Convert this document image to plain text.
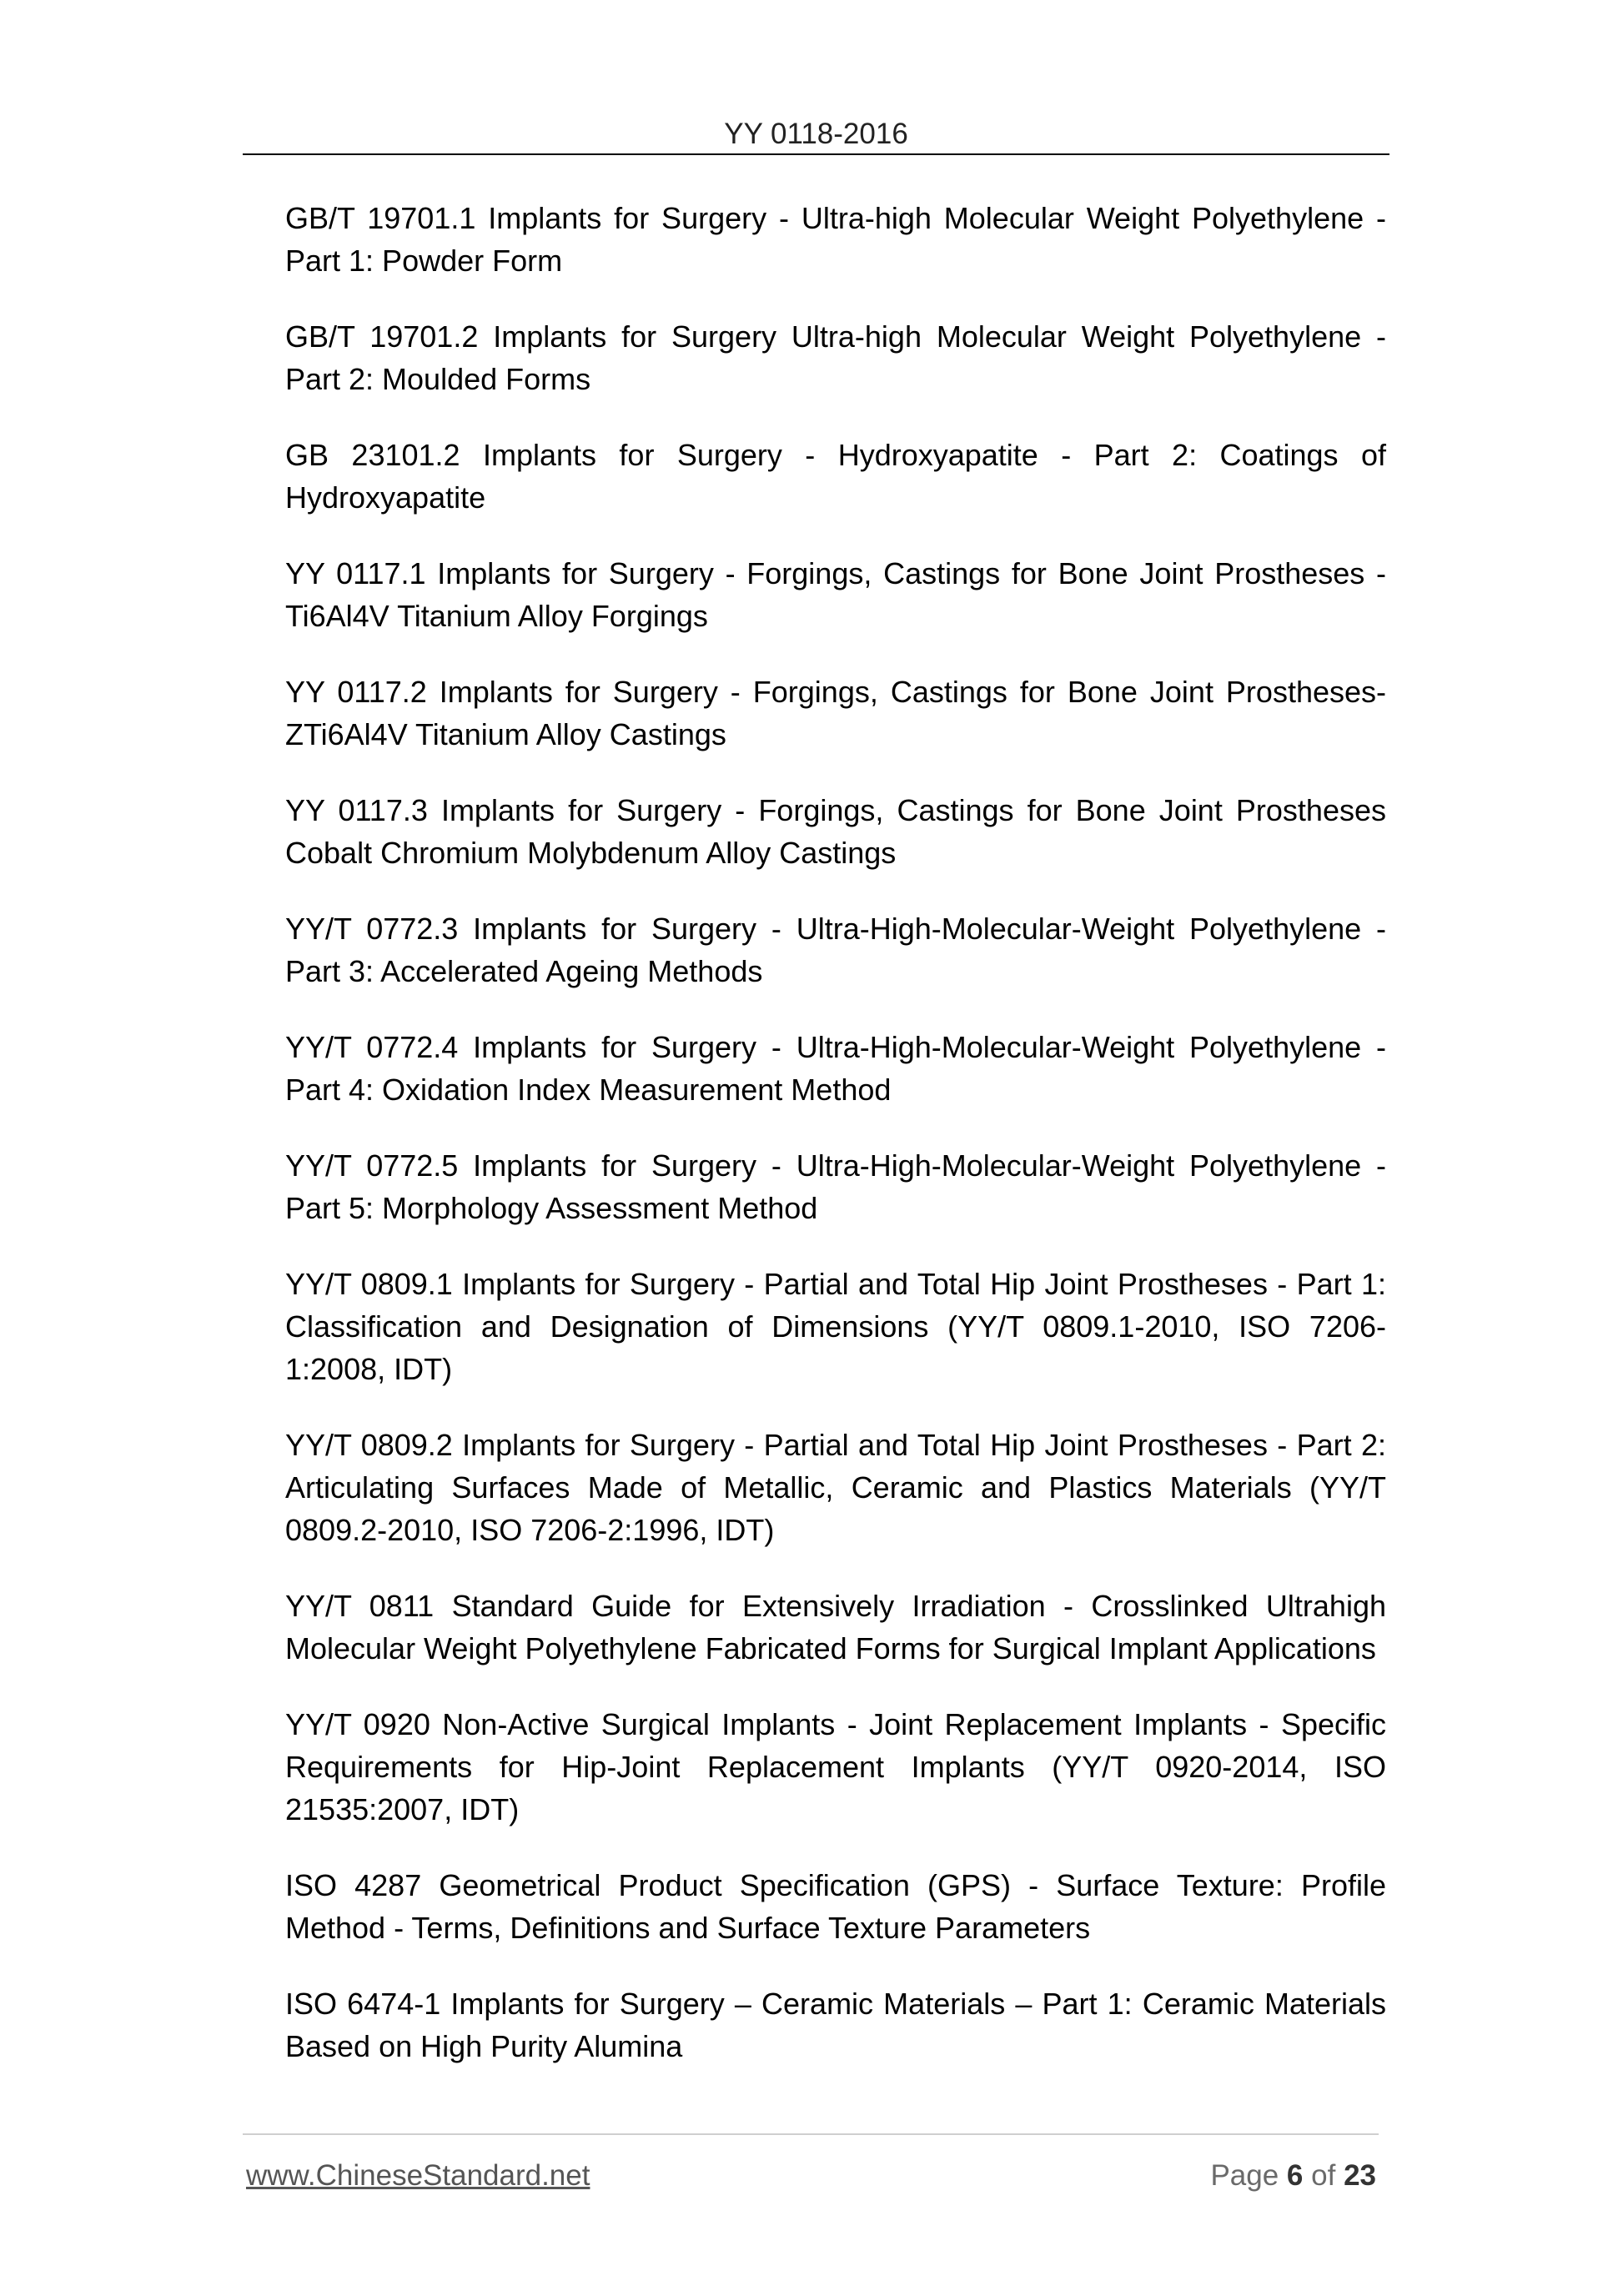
YY 0118-2016

GB/T 19701.1 Implants for Surgery - Ultra-high Molecular Weight Polyethylene - Part 1: Powder Form

GB/T 19701.2 Implants for Surgery Ultra-high Molecular Weight Polyethylene - Part 2: Moulded Forms

GB 23101.2 Implants for Surgery - Hydroxyapatite - Part 2: Coatings of Hydroxyapatite

YY 0117.1 Implants for Surgery - Forgings, Castings for Bone Joint Prostheses - Ti6Al4V Titanium Alloy Forgings

YY 0117.2 Implants for Surgery - Forgings, Castings for Bone Joint Prostheses-ZTi6Al4V Titanium Alloy Castings

YY 0117.3 Implants for Surgery - Forgings, Castings for Bone Joint Prostheses Cobalt Chromium Molybdenum Alloy Castings

YY/T 0772.3 Implants for Surgery - Ultra-High-Molecular-Weight Polyethylene - Part 3: Accelerated Ageing Methods

YY/T 0772.4 Implants for Surgery - Ultra-High-Molecular-Weight Polyethylene - Part 4: Oxidation Index Measurement Method

YY/T 0772.5 Implants for Surgery - Ultra-High-Molecular-Weight Polyethylene - Part 5: Morphology Assessment Method

YY/T 0809.1 Implants for Surgery - Partial and Total Hip Joint Prostheses - Part 1: Classification and Designation of Dimensions (YY/T 0809.1-2010, ISO 7206-1:2008, IDT)

YY/T 0809.2 Implants for Surgery - Partial and Total Hip Joint Prostheses - Part 2: Articulating Surfaces Made of Metallic, Ceramic and Plastics Materials (YY/T 0809.2-2010, ISO 7206-2:1996, IDT)

YY/T 0811 Standard Guide for Extensively Irradiation - Crosslinked Ultrahigh Molecular Weight Polyethylene Fabricated Forms for Surgical Implant Applications

YY/T 0920 Non-Active Surgical Implants - Joint Replacement Implants - Specific Requirements for Hip-Joint Replacement Implants (YY/T 0920-2014, ISO 21535:2007, IDT)

ISO 4287 Geometrical Product Specification (GPS) - Surface Texture: Profile Method - Terms, Definitions and Surface Texture Parameters

ISO 6474-1 Implants for Surgery – Ceramic Materials – Part 1: Ceramic Materials Based on High Purity Alumina

www.ChineseStandard.net	Page 6 of 23
